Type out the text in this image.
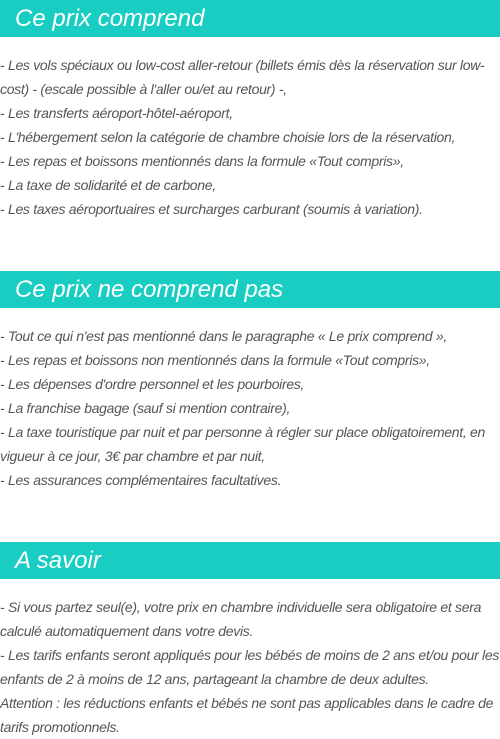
Ce prix comprend

- Les vols spéciaux ou low-cost aller-retour (billets émis dès la réservation sur low-cost) - (escale possible à l'aller ou/et au retour) -,

- Les transferts aéroport-hôtel-aéroport,

- L'hébergement selon la catégorie de chambre choisie lors de la réservation,

- Les repas et boissons mentionnés dans la formule «Tout compris»,

- La taxe de solidarité et de carbone,

- Les taxes aéroportuaires et surcharges carburant (soumis à variation).

Ce prix ne comprend pas

- Tout ce qui n'est pas mentionné dans le paragraphe « Le prix comprend »,

- Les repas et boissons non mentionnés dans la formule «Tout compris»,

- Les dépenses d'ordre personnel et les pourboires,

- La franchise bagage (sauf si mention contraire),

- La taxe touristique par nuit et par personne à régler sur place obligatoirement, en vigueur à ce jour, 3€ par chambre et par nuit,

- Les assurances complémentaires facultatives.

A savoir

- Si vous partez seul(e), votre prix en chambre individuelle sera obligatoire et sera calculé automatiquement dans votre devis.

- Les tarifs enfants seront appliqués pour les bébés de moins de 2 ans et/ou pour les enfants de 2 à moins de 12 ans, partageant la chambre de deux adultes.

Attention : les réductions enfants et bébés ne sont pas applicables dans le cadre de tarifs promotionnels.
